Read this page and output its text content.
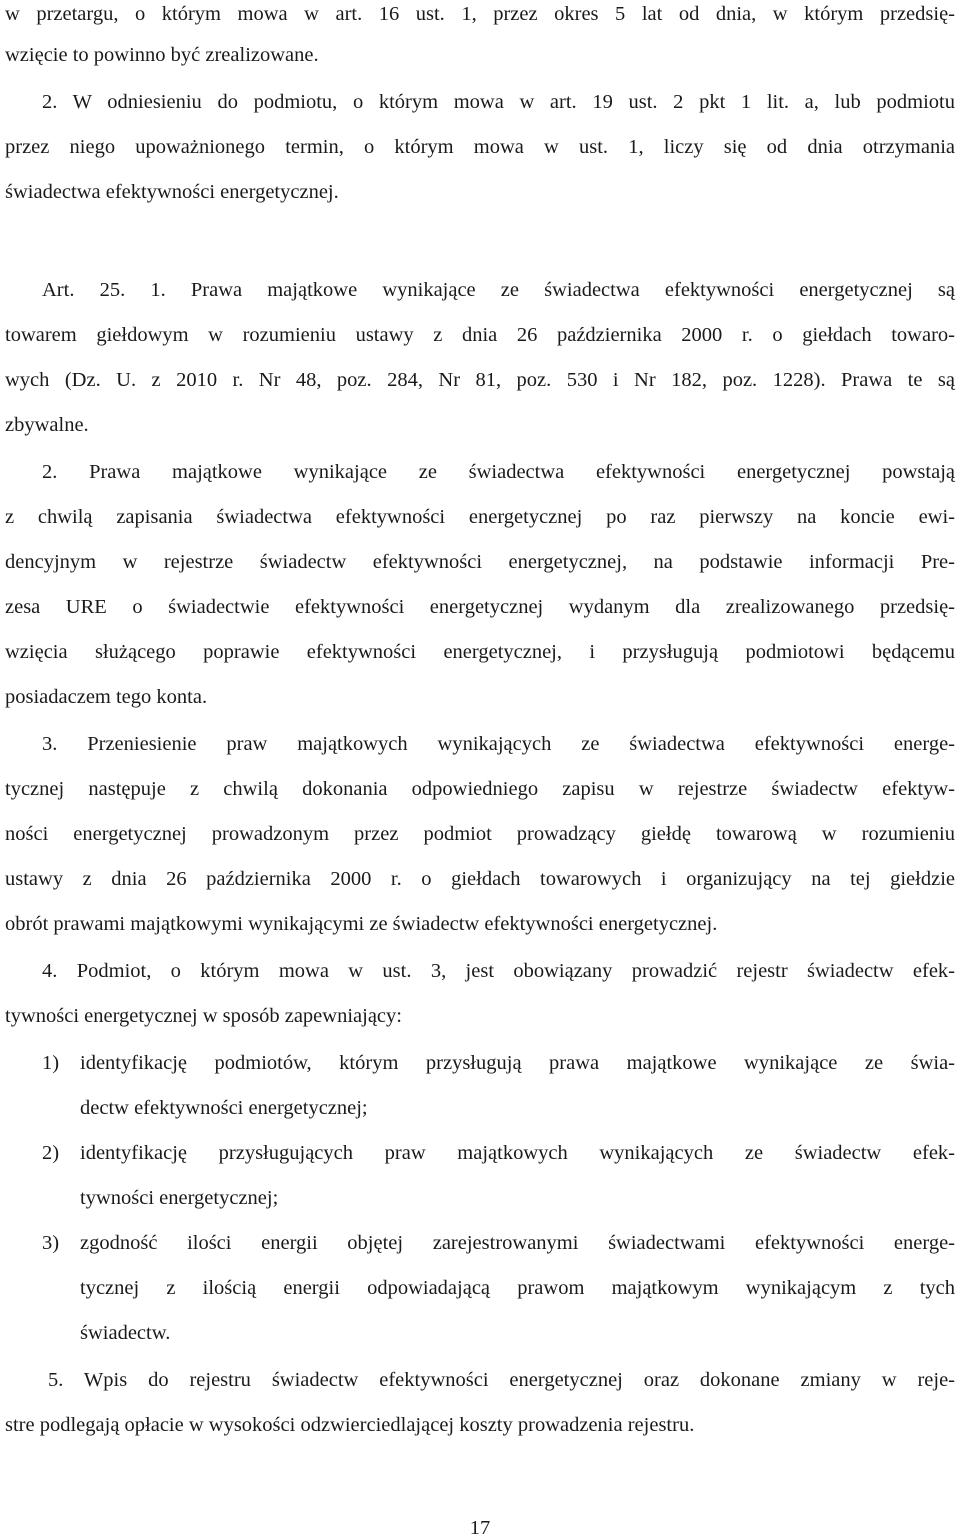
w przetargu, o którym mowa w art. 16 ust. 1, przez okres 5 lat od dnia, w którym przedsię-
wzięcie to powinno być zrealizowane.
2. W odniesieniu do podmiotu, o którym mowa w art. 19 ust. 2 pkt 1 lit. a, lub podmiotu
przez niego upoważnionego termin, o którym mowa w ust. 1, liczy się od dnia otrzymania
świadectwa efektywności energetycznej.
Art. 25. 1. Prawa majątkowe wynikające ze świadectwa efektywności energetycznej są
towarem giełdowym w rozumieniu ustawy z dnia 26 października 2000 r. o giełdach towaro-
wych (Dz. U. z 2010 r. Nr 48, poz. 284, Nr 81, poz. 530 i Nr 182, poz. 1228). Prawa te są
zbywalne.
2. Prawa majątkowe wynikające ze świadectwa efektywności energetycznej powstają
z chwilą zapisania świadectwa efektywności energetycznej po raz pierwszy na koncie ewi-
dencyjnym w rejestrze świadectw efektywności energetycznej, na podstawie informacji Pre-
zesa URE o świadectwie efektywności energetycznej wydanym dla zrealizowanego przedsię-
wzięcia służącego poprawie efektywności energetycznej, i przysługują podmiotowi będącemu
posiadaczem tego konta.
3. Przeniesienie praw majątkowych wynikających ze świadectwa efektywności energe-
tycznej następuje z chwilą dokonania odpowiedniego zapisu w rejestrze świadectw efektyw-
ności energetycznej prowadzonym przez podmiot prowadzący giełdę towarową w rozumieniu
ustawy z dnia 26 października 2000 r. o giełdach towarowych i organizujący na tej giełdzie
obrót prawami majątkowymi wynikającymi ze świadectw efektywności energetycznej.
4. Podmiot, o którym mowa w ust. 3, jest obowiązany prowadzić rejestr świadectw efek-
tywności energetycznej w sposób zapewniający:
1)	identyfikację podmiotów, którym przysługują prawa majątkowe wynikające ze świa-
dectw efektywności energetycznej;
2)	identyfikację przysługujących praw majątkowych wynikających ze świadectw efek-
tywności energetycznej;
3)	zgodność ilości energii objętej zarejestrowanymi świadectwami efektywności energe-
tycznej z ilością energii odpowiadającą prawom majątkowym wynikającym z tych
świadectw.
5. Wpis do rejestru świadectw efektywności energetycznej oraz dokonane zmiany w reje-
stre podlegają opłacie w wysokości odzwierciedlającej koszty prowadzenia rejestru.
17
